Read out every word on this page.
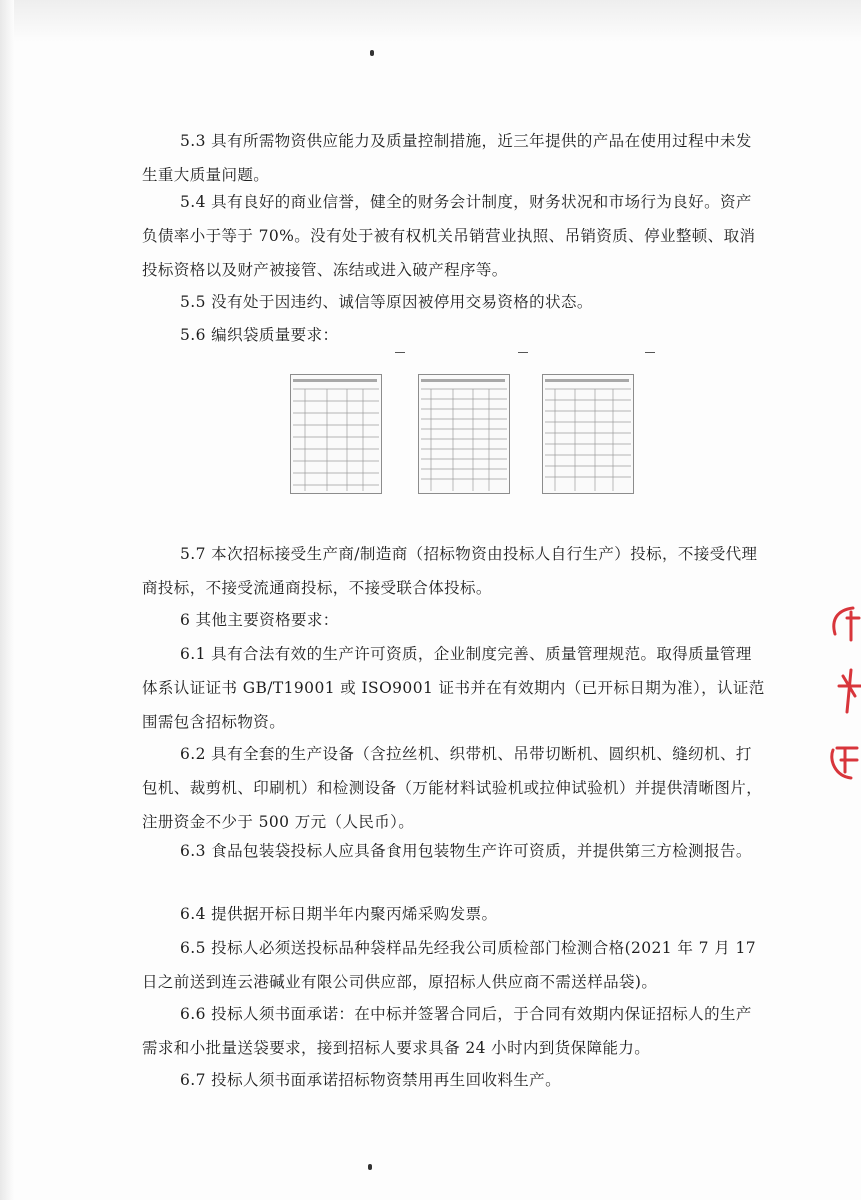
5.3 具有所需物资供应能力及质量控制措施，近三年提供的产品在使用过程中未发生重大质量问题。

5.4 具有良好的商业信誉，健全的财务会计制度，财务状况和市场行为良好。资产负债率小于等于 70%。没有处于被有权机关吊销营业执照、吊销资质、停业整顿、取消投标资格以及财产被接管、冻结或进入破产程序等。

5.5 没有处于因违约、诚信等原因被停用交易资格的状态。

5.6 编织袋质量要求：

5.7 本次招标接受生产商/制造商（招标物资由投标人自行生产）投标，不接受代理商投标，不接受流通商投标，不接受联合体投标。

6 其他主要资格要求：

6.1 具有合法有效的生产许可资质，企业制度完善、质量管理规范。取得质量管理体系认证证书 GB/T19001 或 ISO9001 证书并在有效期内（已开标日期为准），认证范围需包含招标物资。

6.2 具有全套的生产设备（含拉丝机、织带机、吊带切断机、圆织机、缝纫机、打包机、裁剪机、印刷机）和检测设备（万能材料试验机或拉伸试验机）并提供清晰图片，注册资金不少于 500 万元（人民币）。

6.3 食品包装袋投标人应具备食用包装物生产许可资质，并提供第三方检测报告。

6.4 提供据开标日期半年内聚丙烯采购发票。

6.5 投标人必须送投标品种袋样品先经我公司质检部门检测合格(2021 年 7 月 17 日之前送到连云港碱业有限公司供应部，原招标人供应商不需送样品袋)。

6.6 投标人须书面承诺：在中标并签署合同后，于合同有效期内保证招标人的生产需求和小批量送袋要求，接到招标人要求具备 24 小时内到货保障能力。

6.7 投标人须书面承诺招标物资禁用再生回收料生产。
